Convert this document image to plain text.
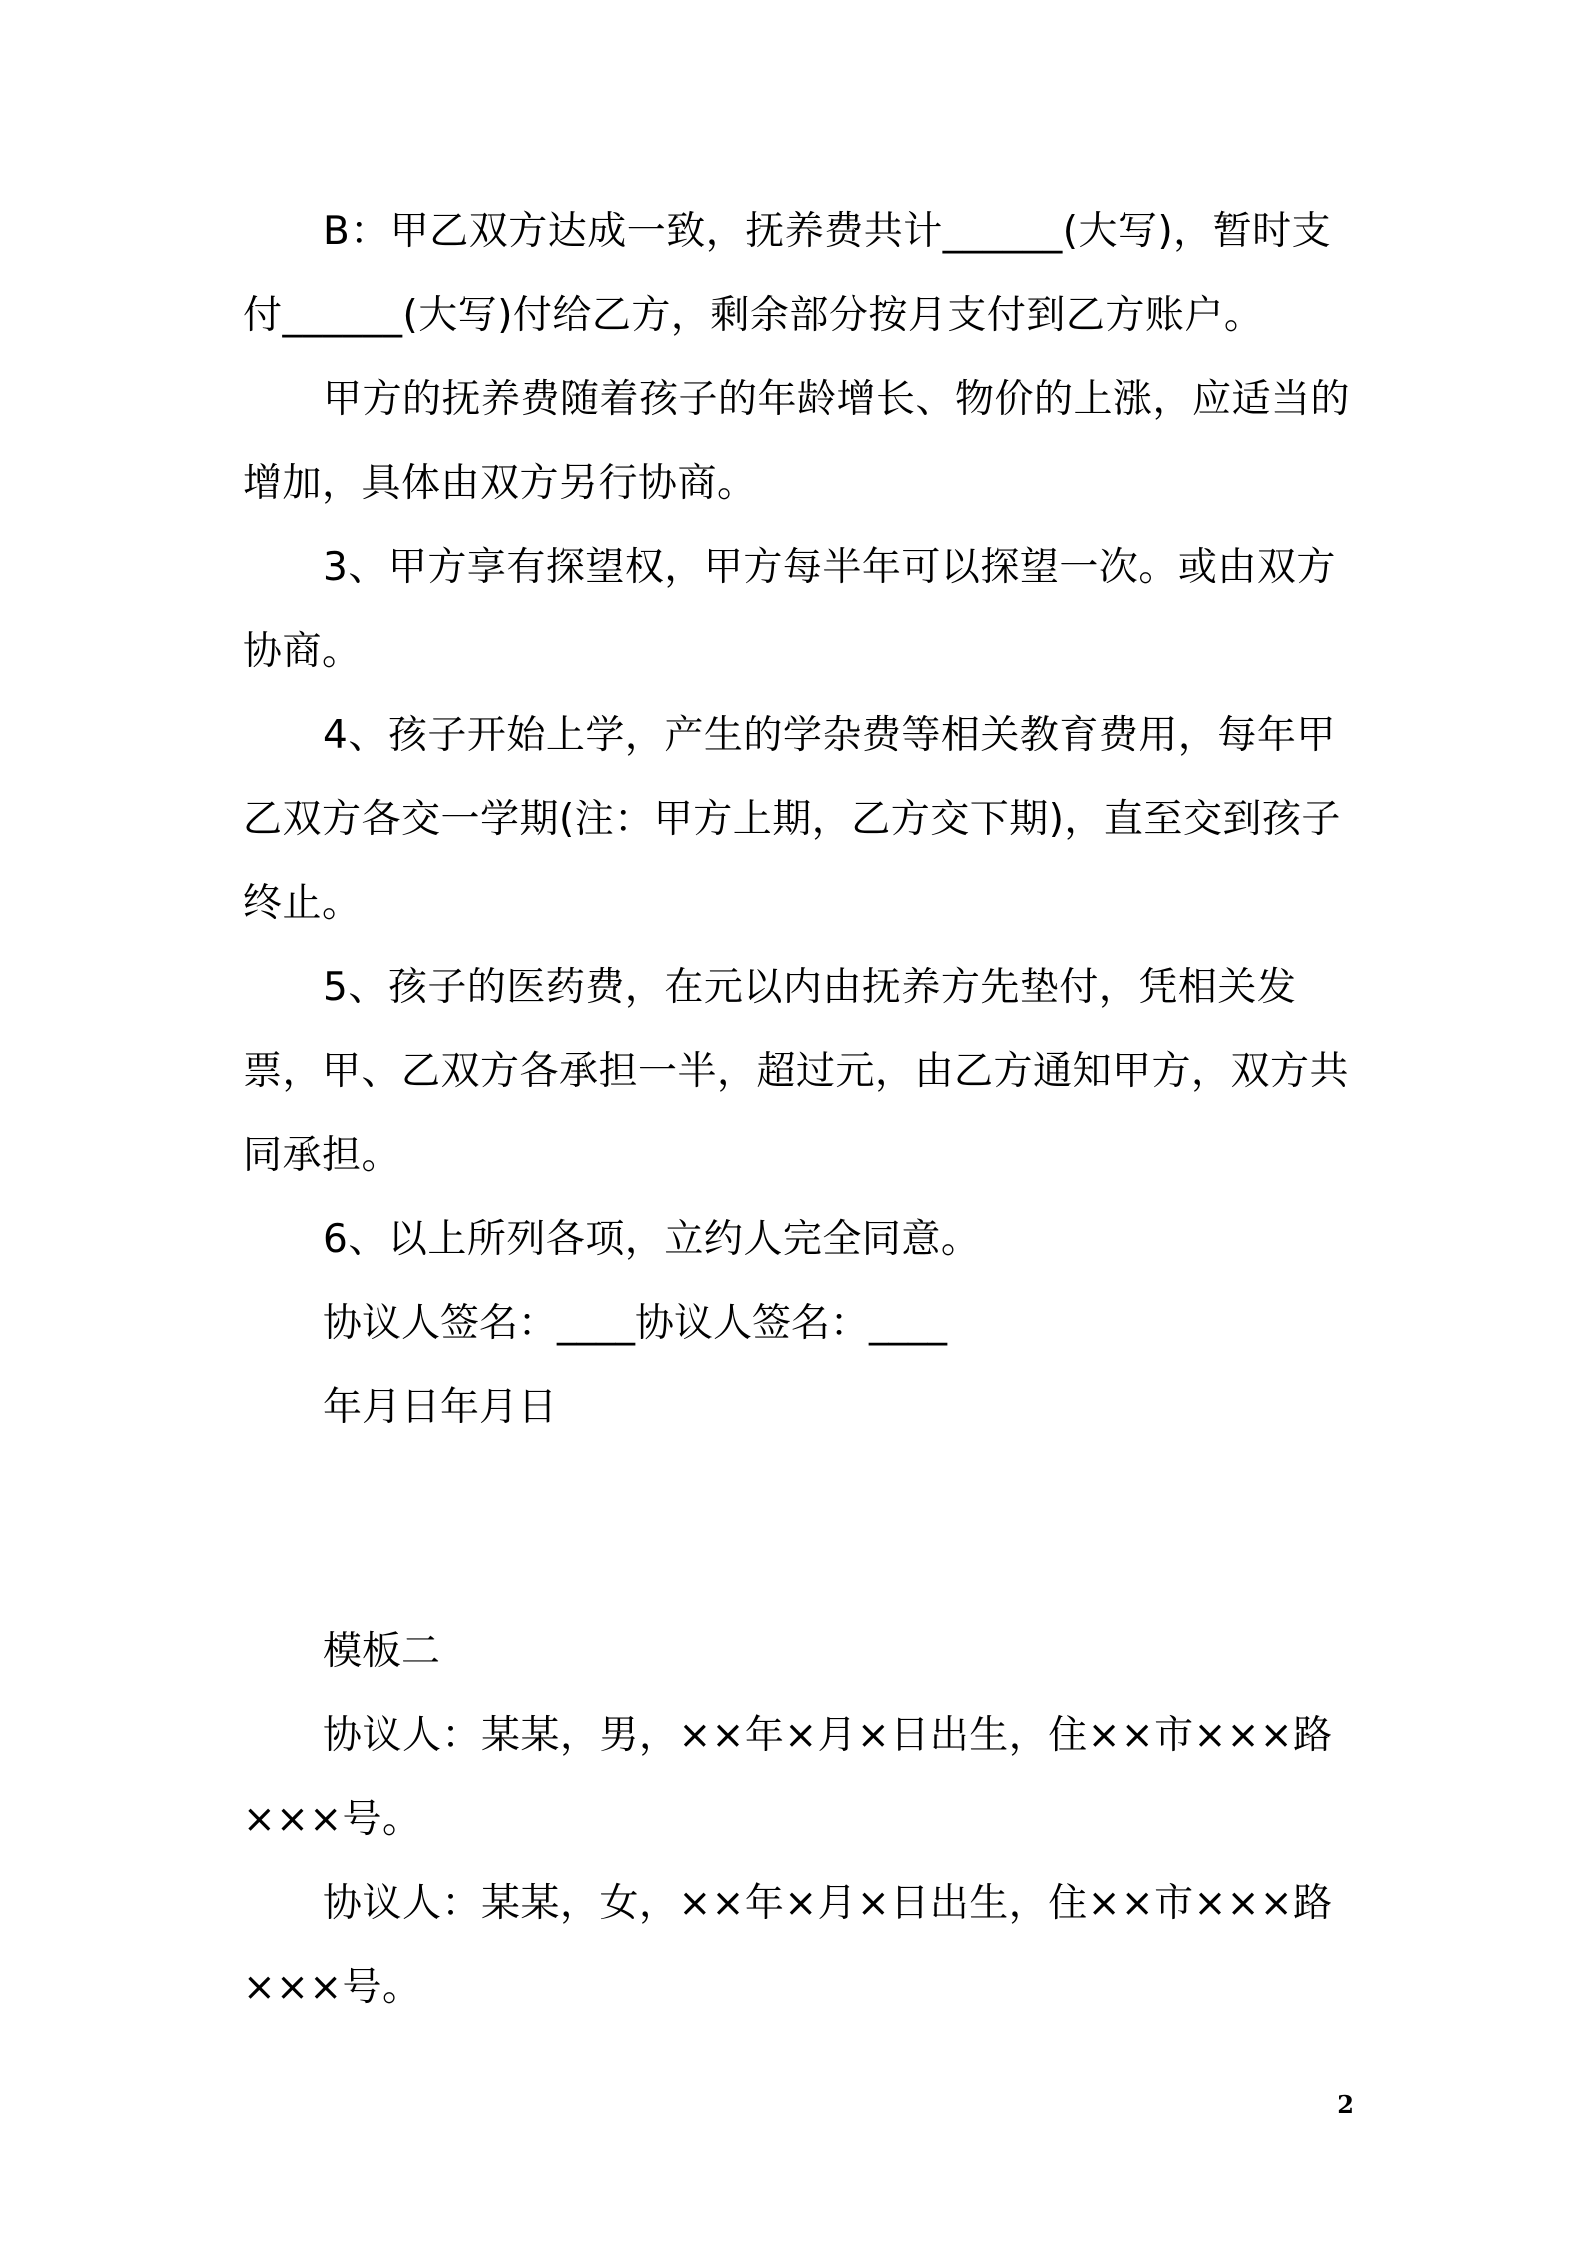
B：甲乙双方达成一致，抚养费共计______(大写)，暂时支付______(大写)付给乙方，剩余部分按月支付到乙方账户。

甲方的抚养费随着孩子的年龄增长、物价的上涨，应适当的增加，具体由双方另行协商。

3、甲方享有探望权，甲方每半年可以探望一次。或由双方协商。

4、孩子开始上学，产生的学杂费等相关教育费用，每年甲乙双方各交一学期(注：甲方上期，乙方交下期)，直至交到孩子终止。

5、孩子的医药费，在元以内由抚养方先垫付，凭相关发票，甲、乙双方各承担一半，超过元，由乙方通知甲方，双方共同承担。

6、以上所列各项，立约人完全同意。

协议人签名：____协议人签名：____

年月日年月日

模板二

协议人：某某，男，××年×月×日出生，住××市×××路×××号。

协议人：某某，女，××年×月×日出生，住××市×××路×××号。

2
